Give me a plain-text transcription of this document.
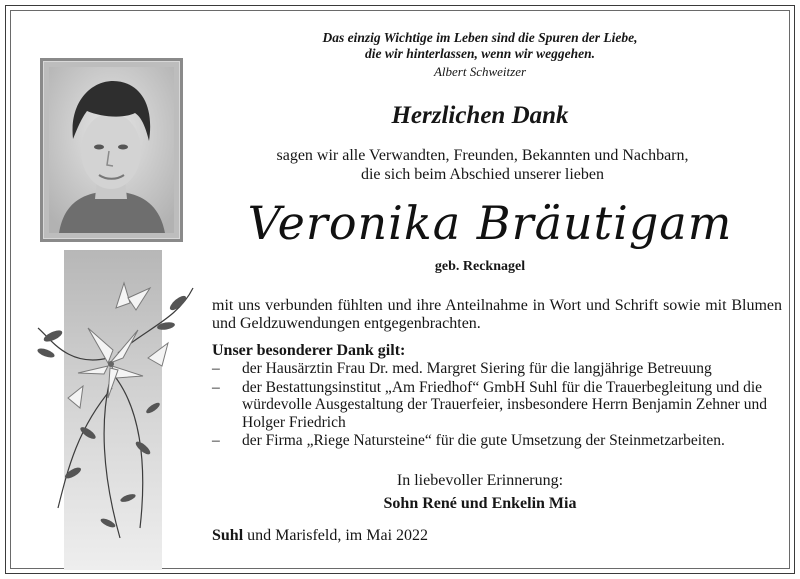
Das einzig Wichtige im Leben sind die Spuren der Liebe,
die wir hinterlassen, wenn wir weggehen.
Albert Schweitzer
Herzlichen Dank
sagen wir alle Verwandten, Freunden, Bekannten und Nachbarn,
die sich beim Abschied unserer lieben
Veronika Bräutigam
geb. Recknagel
mit uns verbunden fühlten und ihre Anteilnahme in Wort und Schrift sowie mit Blumen und Geldzuwendungen entgegenbrachten.
Unser besonderer Dank gilt:
– der Hausärztin Frau Dr. med. Margret Siering für die langjährige Betreuung
– der Bestattungsinstitut „Am Friedhof“ GmbH Suhl für die Trauerbegleitung und die würdevolle Ausgestaltung der Trauerfeier, insbesondere Herrn Benjamin Zehner und Holger Friedrich
– der Firma „Riege Natursteine“ für die gute Umsetzung der Steinmetzarbeiten.
In liebevoller Erinnerung:
Sohn René und Enkelin Mia
Suhl und Marisfeld, im Mai 2022
